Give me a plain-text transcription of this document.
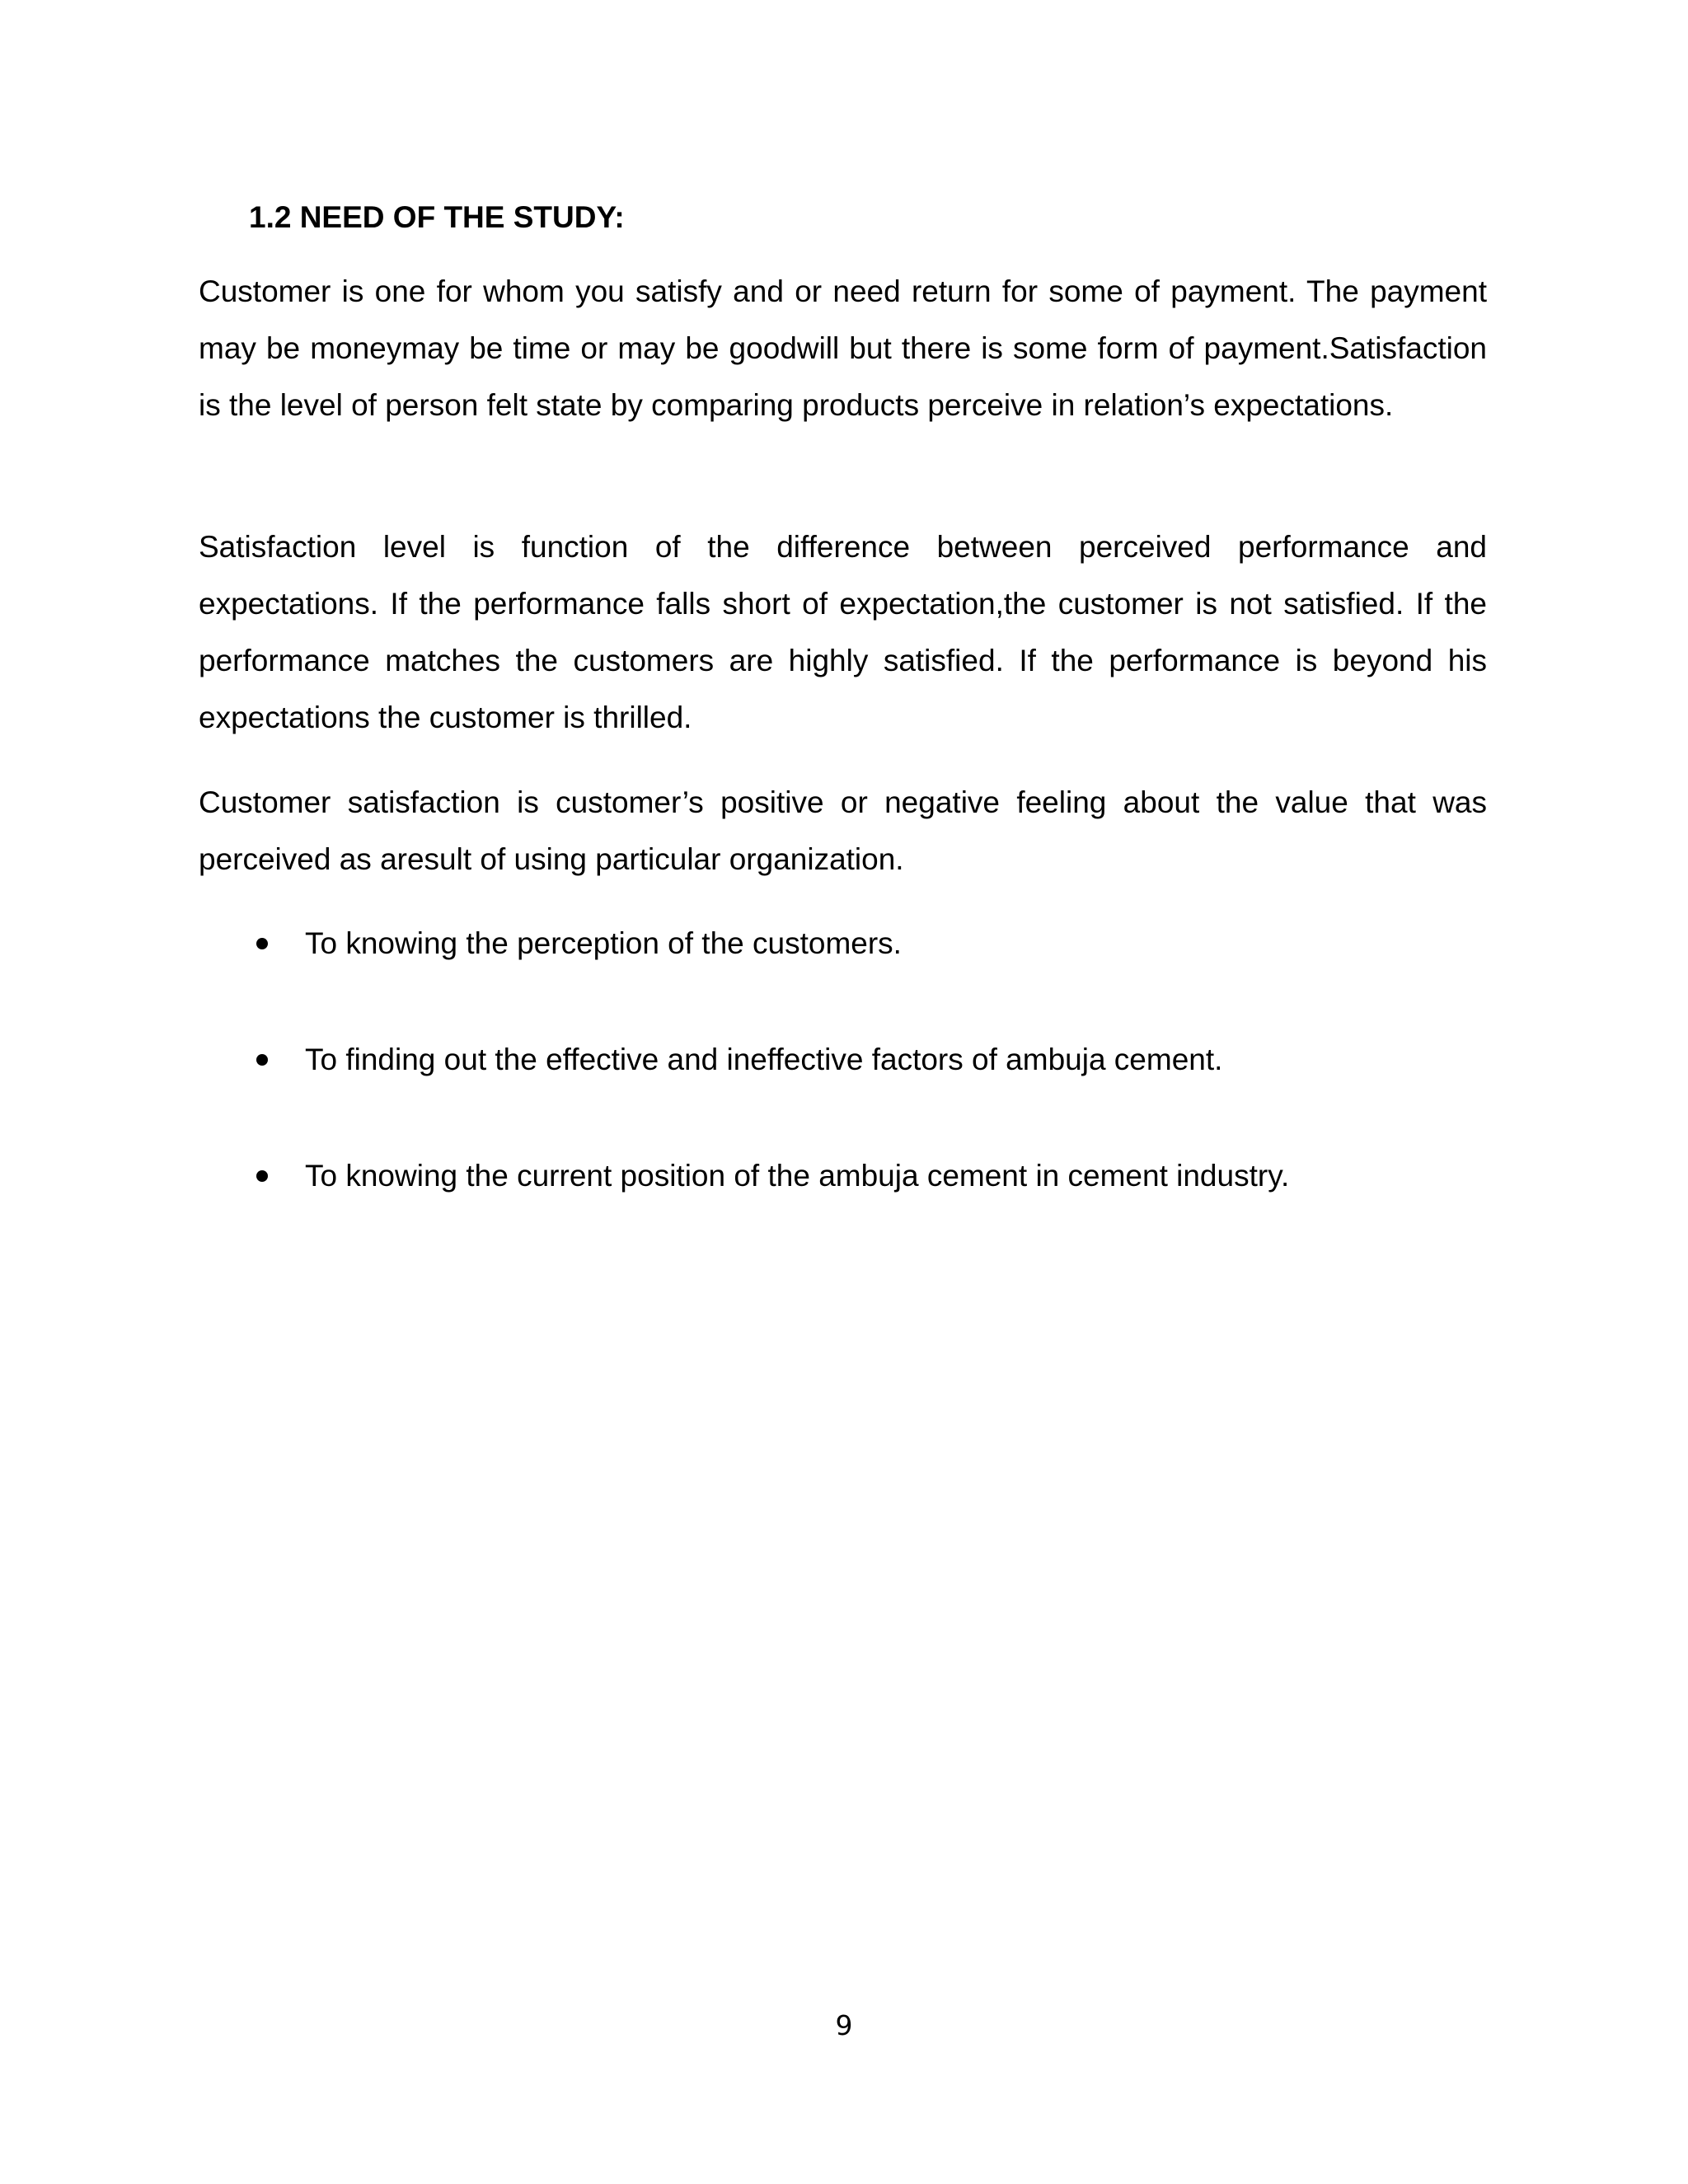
1.2 NEED OF THE STUDY:

Customer is one for whom you satisfy and or need return for some of payment. The payment may be moneymay be time or may be goodwill but there is some form of payment.Satisfaction is the level of person felt state by comparing products perceive in relation’s expectations.

Satisfaction level is function of the difference between perceived performance and expectations. If the performance falls short of expectation,the customer is not satisfied. If the performance matches the customers are highly satisfied. If the performance is beyond his expectations the customer is thrilled.

Customer satisfaction is customer’s positive or negative feeling about the value that was perceived as aresult of using particular organization.

To knowing the perception of the customers.
To finding out the effective and ineffective factors of ambuja cement.
To knowing the current position of the ambuja cement in cement industry.
9
